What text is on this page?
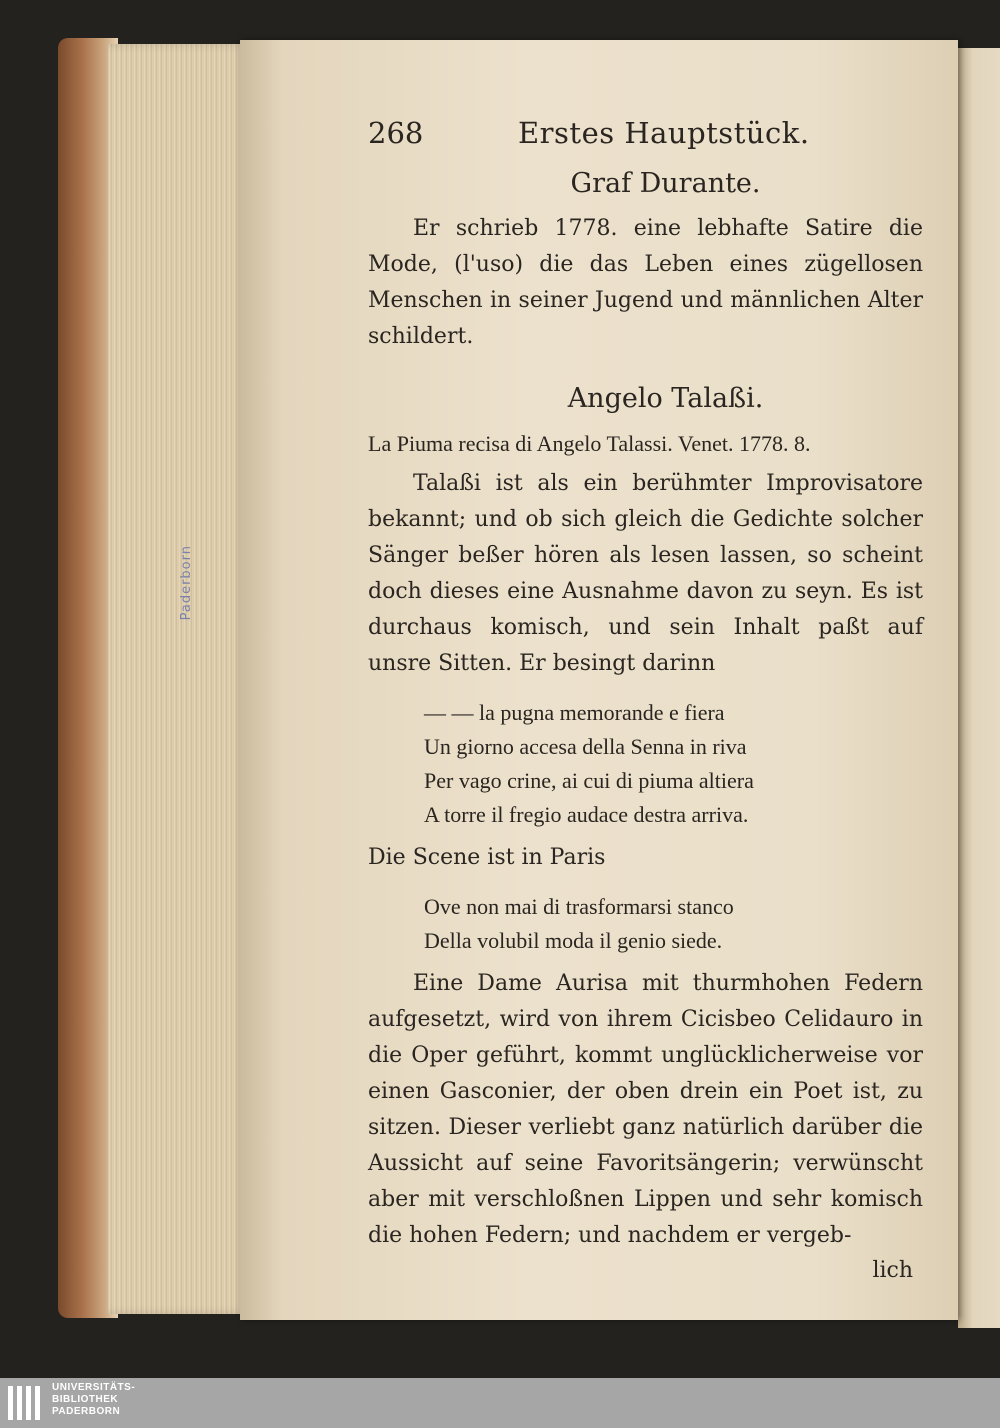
Paderborn
268	Erstes Hauptstück.
Graf Durante.

Er schrieb 1778. eine lebhafte Satire die Mode, (l'uso) die das Leben eines zügellosen Menschen in seiner Jugend und männlichen Alter schildert.

Angelo Talaßi.

La Piuma recisa di Angelo Talassi. Venet. 1778. 8.

Talaßi ist als ein berühmter Improvisatore bekannt; und ob sich gleich die Gedichte solcher Sänger beßer hören als lesen lassen, so scheint doch dieses eine Ausnahme davon zu seyn. Es ist durchaus komisch, und sein Inhalt paßt auf unsre Sitten. Er besingt darinn

— — la pugna memorande e fiera
Un giorno accesa della Senna in riva
Per vago crine, ai cui di piuma altiera
A torre il fregio audace destra arriva.

Die Scene ist in Paris

Ove non mai di trasformarsi stanco
Della volubil moda il genio siede.

Eine Dame Aurisa mit thurmhohen Federn aufgesetzt, wird von ihrem Cicisbeo Celidauro in die Oper geführt, kommt unglücklicherweise vor einen Gasconier, der oben drein ein Poet ist, zu sitzen. Dieser verliebt ganz natürlich darüber die Aussicht auf seine Favoritsängerin; verwünscht aber mit verschloßnen Lippen und sehr komisch die hohen Federn; und nachdem er vergeb-

lich
UNIVERSITÄTS-
BIBLIOTHEK
PADERBORN
